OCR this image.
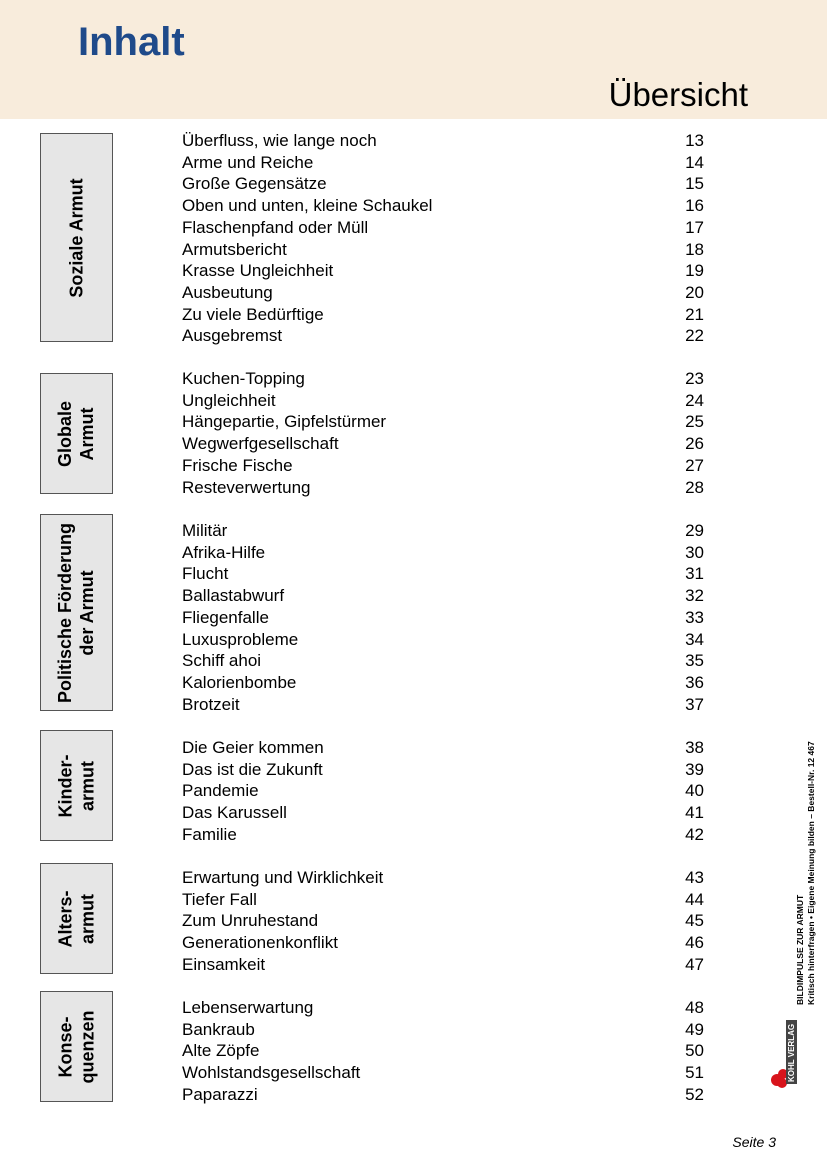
Inhalt
Übersicht
Soziale Armut
Überfluss, wie lange noch	13
Arme und Reiche	14
Große Gegensätze	15
Oben und unten, kleine Schaukel	16
Flaschenpfand oder Müll	17
Armutsbericht	18
Krasse Ungleichheit	19
Ausbeutung	20
Zu viele Bedürftige	21
Ausgebremst	22
Globale
Armut
Kuchen-Topping	23
Ungleichheit	24
Hängepartie, Gipfelstürmer	25
Wegwerfgesellschaft	26
Frische Fische	27
Resteverwertung	28
Politische Förderung
der Armut
Militär	29
Afrika-Hilfe	30
Flucht	31
Ballastabwurf	32
Fliegenfalle	33
Luxusprobleme	34
Schiff ahoi	35
Kalorienbombe	36
Brotzeit	37
Kinder-
armut
Die Geier kommen	38
Das ist die Zukunft	39
Pandemie	40
Das Karussell	41
Familie	42
Alters-
armut
Erwartung und Wirklichkeit	43
Tiefer Fall	44
Zum Unruhestand	45
Generationenkonflikt	46
Einsamkeit	47
Konse-
quenzen
Lebenserwartung	48
Bankraub	49
Alte Zöpfe	50
Wohlstandsgesellschaft	51
Paparazzi	52
BILDIMPULSE ZUR ARMUT Kritisch hinterfragen • Eigene Meinung bilden – Bestell-Nr. 12 467
KOHL VERLAG
Seite 3
